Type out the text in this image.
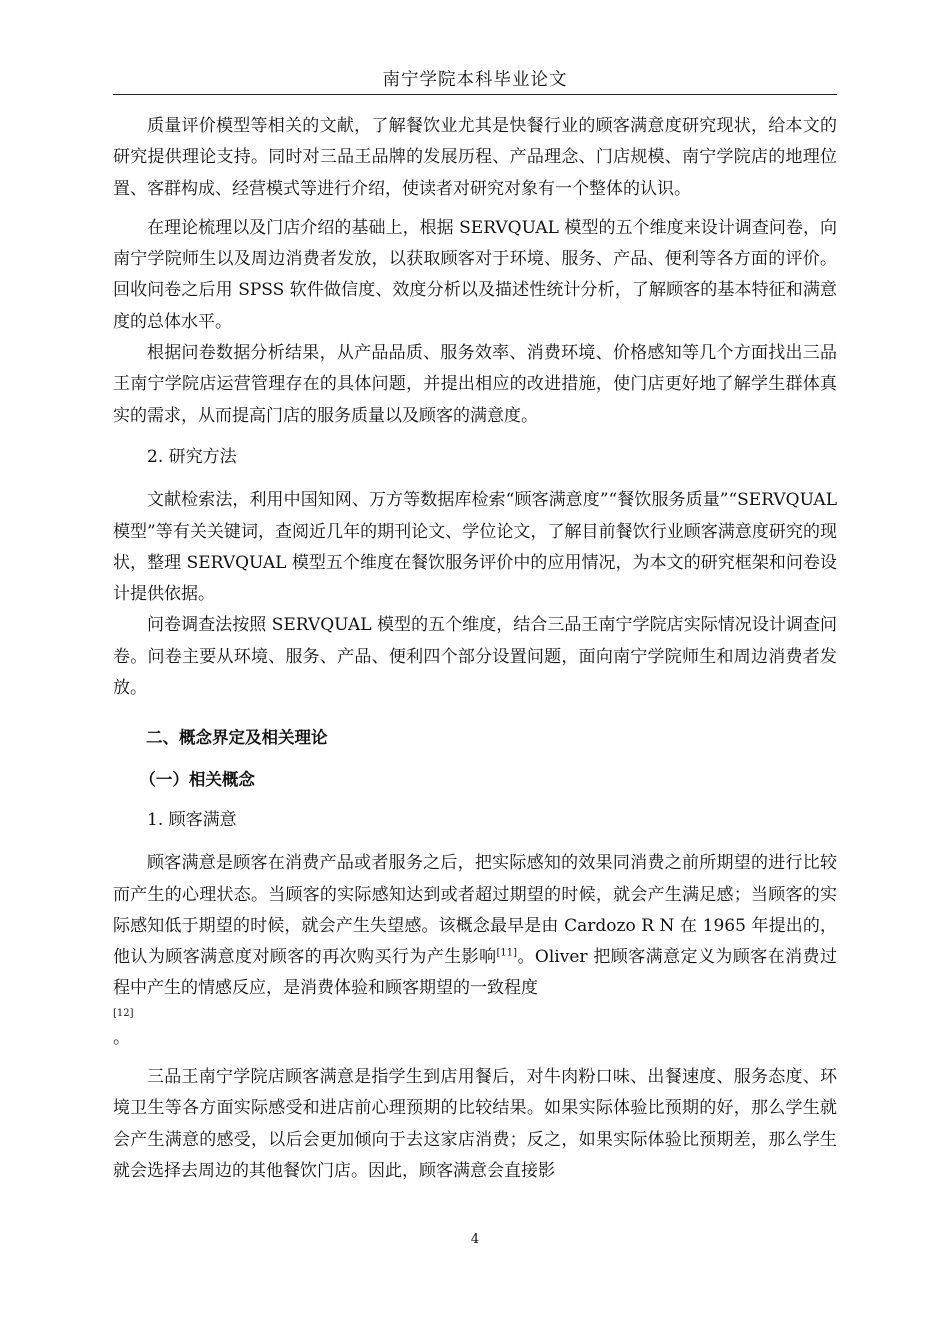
南宁学院本科毕业论文

质量评价模型等相关的文献，了解餐饮业尤其是快餐行业的顾客满意度研究现状，给本文的研究提供理论支持。同时对三品王品牌的发展历程、产品理念、门店规模、南宁学院店的地理位置、客群构成、经营模式等进行介绍，使读者对研究对象有一个整体的认识。

在理论梳理以及门店介绍的基础上，根据 SERVQUAL 模型的五个维度来设计调查问卷，向南宁学院师生以及周边消费者发放，以获取顾客对于环境、服务、产品、便利等各方面的评价。回收问卷之后用 SPSS 软件做信度、效度分析以及描述性统计分析，了解顾客的基本特征和满意度的总体水平。

根据问卷数据分析结果，从产品品质、服务效率、消费环境、价格感知等几个方面找出三品王南宁学院店运营管理存在的具体问题，并提出相应的改进措施，使门店更好地了解学生群体真实的需求，从而提高门店的服务质量以及顾客的满意度。

2. 研究方法

文献检索法，利用中国知网、万方等数据库检索“顾客满意度”“餐饮服务质量”“SERVQUAL 模型”等有关关键词，查阅近几年的期刊论文、学位论文，了解目前餐饮行业顾客满意度研究的现状，整理 SERVQUAL 模型五个维度在餐饮服务评价中的应用情况，为本文的研究框架和问卷设计提供依据。

问卷调查法按照 SERVQUAL 模型的五个维度，结合三品王南宁学院店实际情况设计调查问卷。问卷主要从环境、服务、产品、便利四个部分设置问题，面向南宁学院师生和周边消费者发放。

二、概念界定及相关理论

（一）相关概念

1. 顾客满意

顾客满意是顾客在消费产品或者服务之后，把实际感知的效果同消费之前所期望的进行比较而产生的心理状态。当顾客的实际感知达到或者超过期望的时候，就会产生满足感；当顾客的实际感知低于期望的时候，就会产生失望感。该概念最早是由 Cardozo R N 在 1965 年提出的，他认为顾客满意度对顾客的再次购买行为产生影响[11]。Oliver 把顾客满意定义为顾客在消费过程中产生的情感反应，是消费体验和顾客期望的一致程度
[12]
。

三品王南宁学院店顾客满意是指学生到店用餐后，对牛肉粉口味、出餐速度、服务态度、环境卫生等各方面实际感受和进店前心理预期的比较结果。如果实际体验比预期的好，那么学生就会产生满意的感受，以后会更加倾向于去这家店消费；反之，如果实际体验比预期差，那么学生就会选择去周边的其他餐饮门店。因此，顾客满意会直接影

4
